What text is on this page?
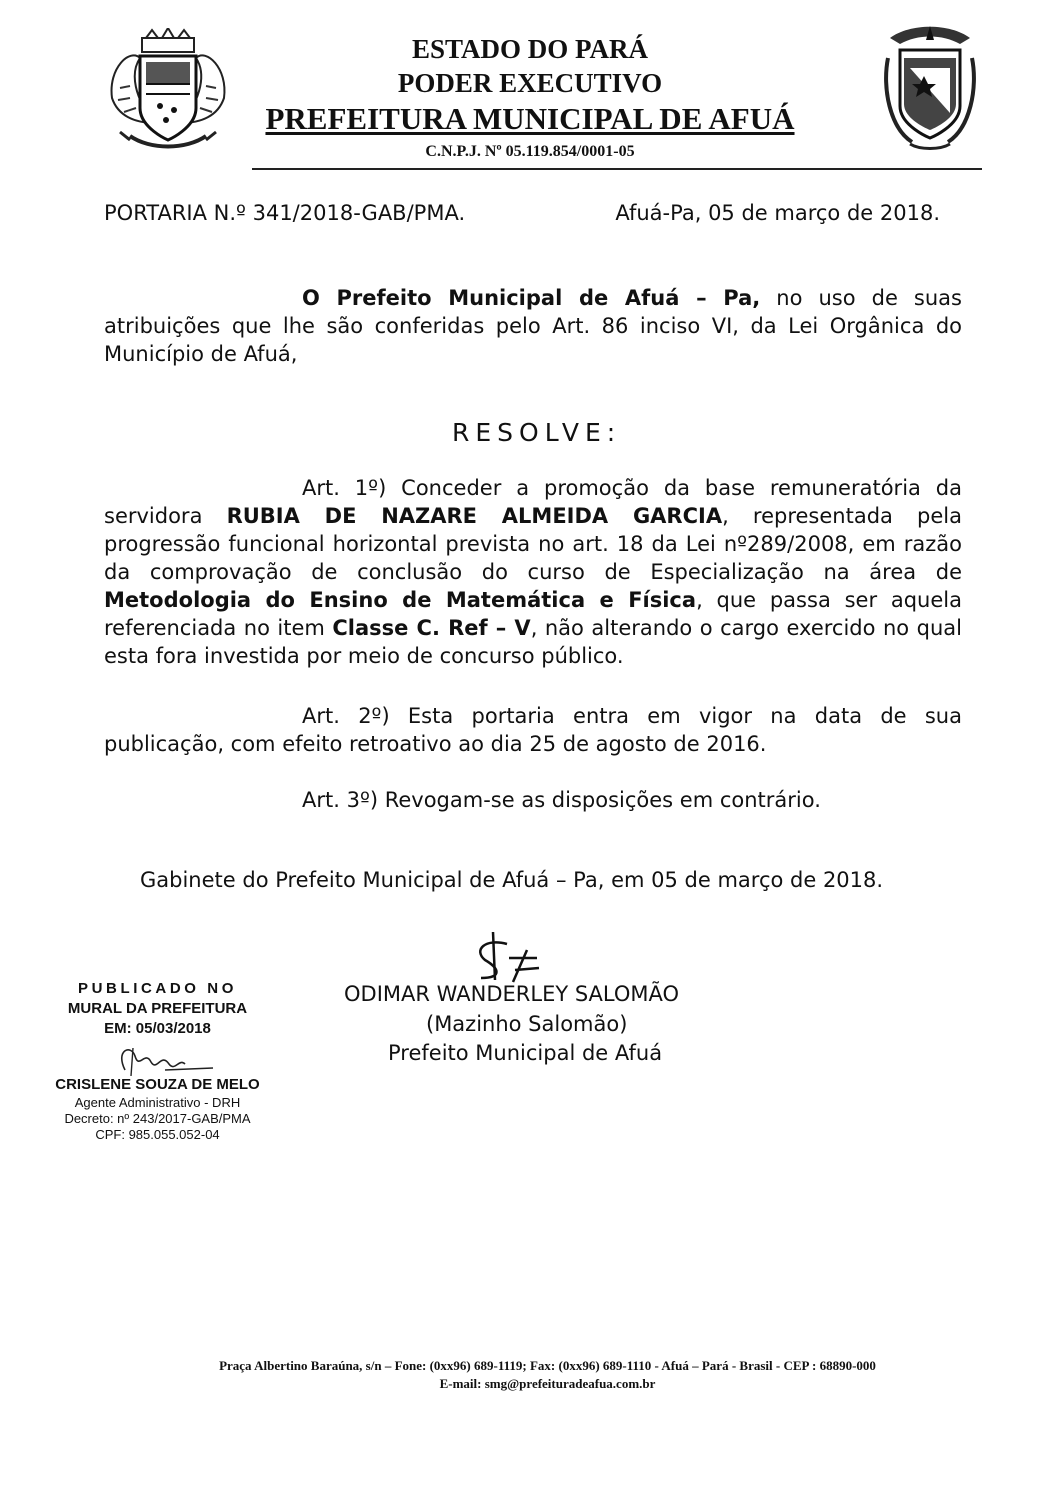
ESTADO DO PARÁ
PODER EXECUTIVO
PREFEITURA MUNICIPAL DE AFUÁ
C.N.P.J. Nº 05.119.854/0001-05
PORTARIA N.º 341/2018-GAB/PMA.	Afuá-Pa, 05 de março de 2018.
O Prefeito Municipal de Afuá – Pa, no uso de suas atribuições que lhe são conferidas pelo Art. 86 inciso VI, da Lei Orgânica do Município de Afuá,
RESOLVE:
Art. 1º) Conceder a promoção da base remuneratória da servidora RUBIA DE NAZARE ALMEIDA GARCIA, representada pela progressão funcional horizontal prevista no art. 18 da Lei nº289/2008, em razão da comprovação de conclusão do curso de Especialização na área de Metodologia do Ensino de Matemática e Física, que passa ser aquela referenciada no item Classe C. Ref – V, não alterando o cargo exercido no qual esta fora investida por meio de concurso público.
Art. 2º) Esta portaria entra em vigor na data de sua publicação, com efeito retroativo ao dia 25 de agosto de 2016.
Art. 3º) Revogam-se as disposições em contrário.
Gabinete do Prefeito Municipal de Afuá – Pa, em 05 de março de 2018.
ODIMAR WANDERLEY SALOMÃO
(Mazinho Salomão)
Prefeito Municipal de Afuá
PUBLICADO NO
MURAL DA PREFEITURA
EM: 05/03/2018
CRISLENE SOUZA DE MELO
Agente Administrativo - DRH
Decreto: nº 243/2017-GAB/PMA
CPF: 985.055.052-04
Praça Albertino Baraúna, s/n – Fone: (0xx96) 689-1119; Fax: (0xx96) 689-1110 - Afuá – Pará - Brasil - CEP : 68890-000
E-mail: smg@prefeituradeafua.com.br
